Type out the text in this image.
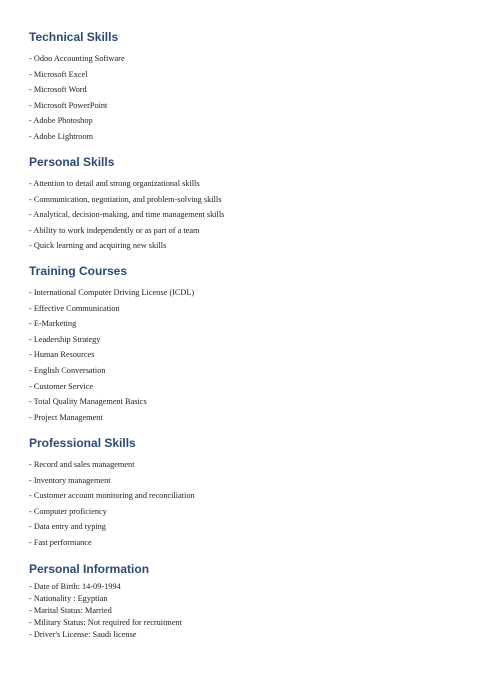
Technical Skills
- Odoo Accounting Software
- Microsoft Excel
- Microsoft Word
- Microsoft PowerPoint
- Adobe Photoshop
- Adobe Lightroom
Personal Skills
- Attention to detail and strong organizational skills
- Communication, negotiation, and problem-solving skills
- Analytical, decision-making, and time management skills
- Ability to work independently or as part of a team
- Quick learning and acquiring new skills
Training Courses
- International Computer Driving License (ICDL)
- Effective Communication
- E-Marketing
- Leadership Strategy
- Human Resources
- English Conversation
- Customer Service
- Total Quality Management Basics
- Project Management
Professional Skills
- Record and sales management
- Inventory management
- Customer account monitoring and reconciliation
- Computer proficiency
- Data entry and typing
- Fast performance
Personal Information
- Date of Birth: 14-09-1994
- Nationality : Egyptian
- Marital Status: Married
- Military Status: Not required for recruitment
- Driver's License: Saudi license
